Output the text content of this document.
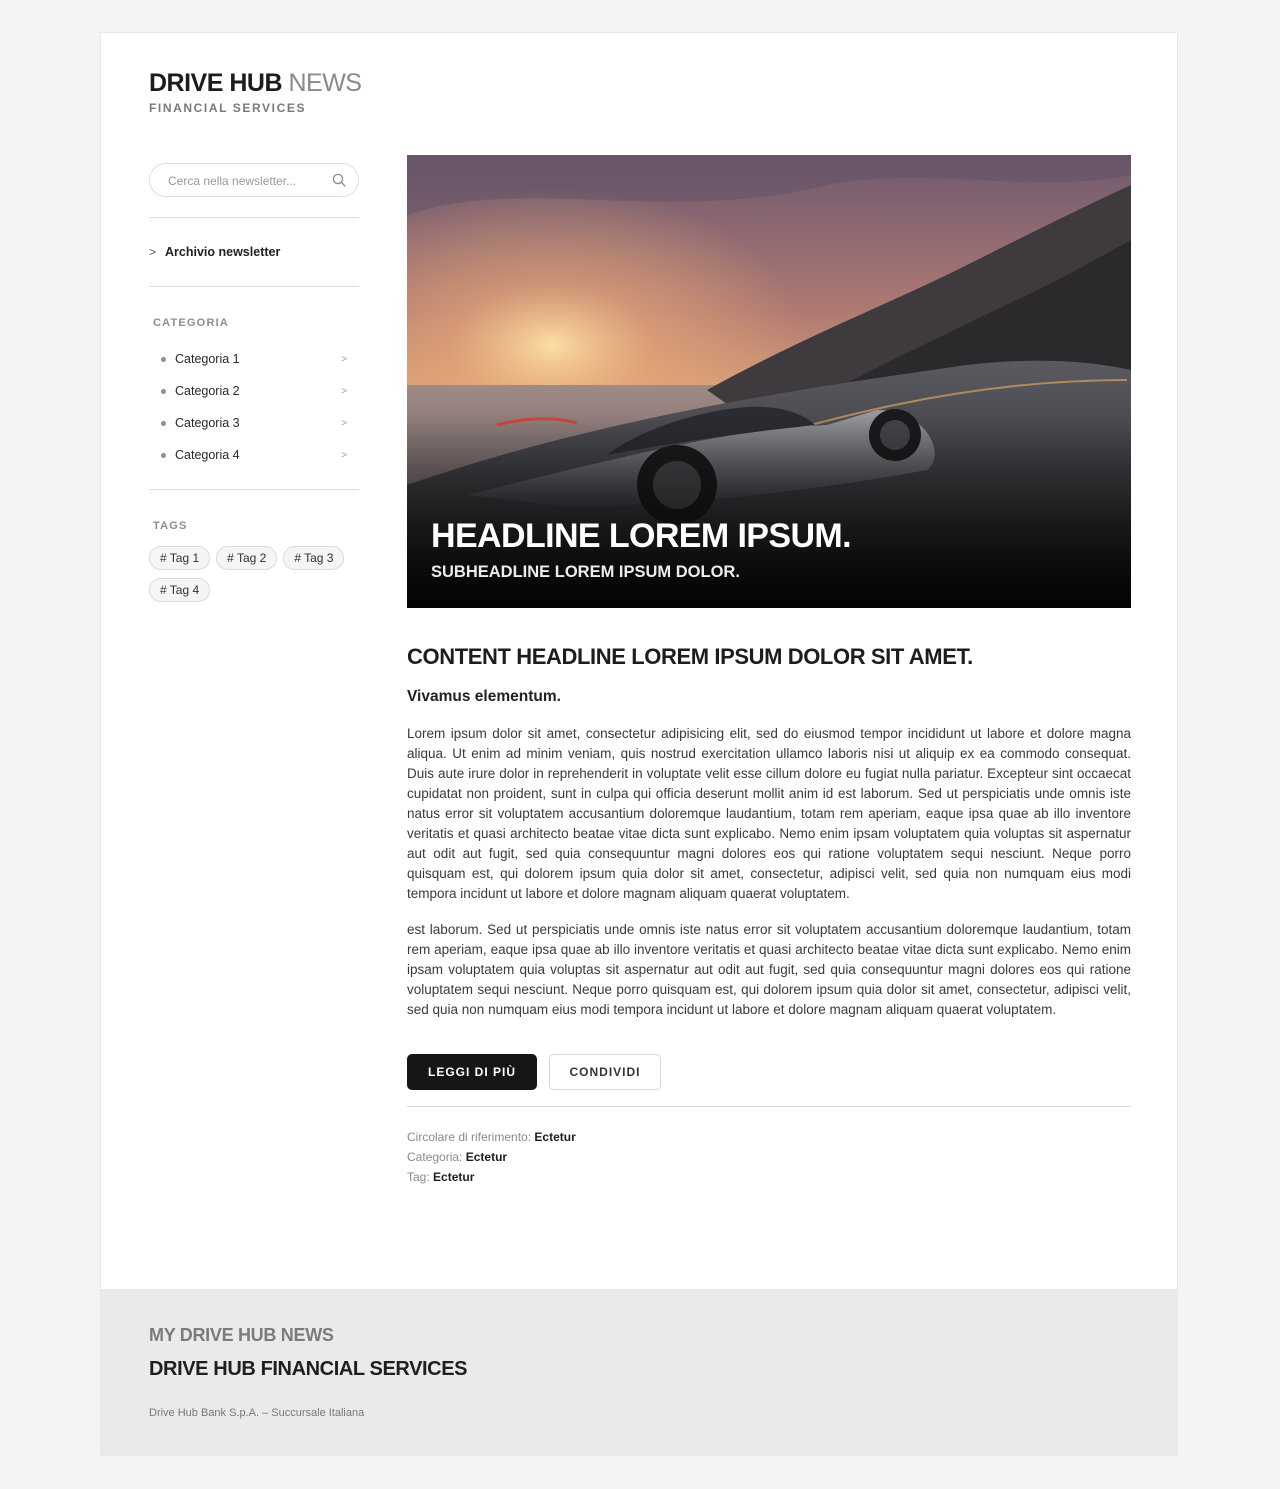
DRIVE HUB NEWS
FINANCIAL SERVICES
Cerca nella newsletter...
> Archivio newsletter
CATEGORIA
Categoria 1	>
Categoria 2	>
Categoria 3	>
Categoria 4	>
TAGS
# Tag 1	# Tag 2	# Tag 3
# Tag 4
HEADLINE LOREM IPSUM.
SUBHEADLINE LOREM IPSUM DOLOR.
CONTENT HEADLINE LOREM IPSUM DOLOR SIT AMET.
Vivamus elementum.

Lorem ipsum dolor sit amet, consectetur adipisicing elit, sed do eiusmod tempor incididunt ut labore et dolore magna aliqua. Ut enim ad minim veniam, quis nostrud exercitation ullamco laboris nisi ut aliquip ex ea commodo consequat. Duis aute irure dolor in reprehenderit in voluptate velit esse cillum dolore eu fugiat nulla pariatur. Excepteur sint occaecat cupidatat non proident, sunt in culpa qui officia deserunt mollit anim id est laborum. Sed ut perspiciatis unde omnis iste natus error sit voluptatem accusantium doloremque laudantium, totam rem aperiam, eaque ipsa quae ab illo inventore veritatis et quasi architecto beatae vitae dicta sunt explicabo. Nemo enim ipsam voluptatem quia voluptas sit aspernatur aut odit aut fugit, sed quia consequuntur magni dolores eos qui ratione voluptatem sequi nesciunt. Neque porro quisquam est, qui dolorem ipsum quia dolor sit amet, consectetur, adipisci velit, sed quia non numquam eius modi tempora incidunt ut labore et dolore magnam aliquam quaerat voluptatem.

est laborum. Sed ut perspiciatis unde omnis iste natus error sit voluptatem accusantium doloremque laudantium, totam rem aperiam, eaque ipsa quae ab illo inventore veritatis et quasi architecto beatae vitae dicta sunt explicabo. Nemo enim ipsam voluptatem quia voluptas sit aspernatur aut odit aut fugit, sed quia consequuntur magni dolores eos qui ratione voluptatem sequi nesciunt. Neque porro quisquam est, qui dolorem ipsum quia dolor sit amet, consectetur, adipisci velit, sed quia non numquam eius modi tempora incidunt ut labore et dolore magnam aliquam quaerat voluptatem.

LEGGI DI PIÙ	CONDIVIDI
Circolare di riferimento: Ectetur
Categoria: Ectetur
Tag: Ectetur
MY DRIVE HUB NEWS
DRIVE HUB FINANCIAL SERVICES
Drive Hub Bank S.p.A. – Succursale Italiana
